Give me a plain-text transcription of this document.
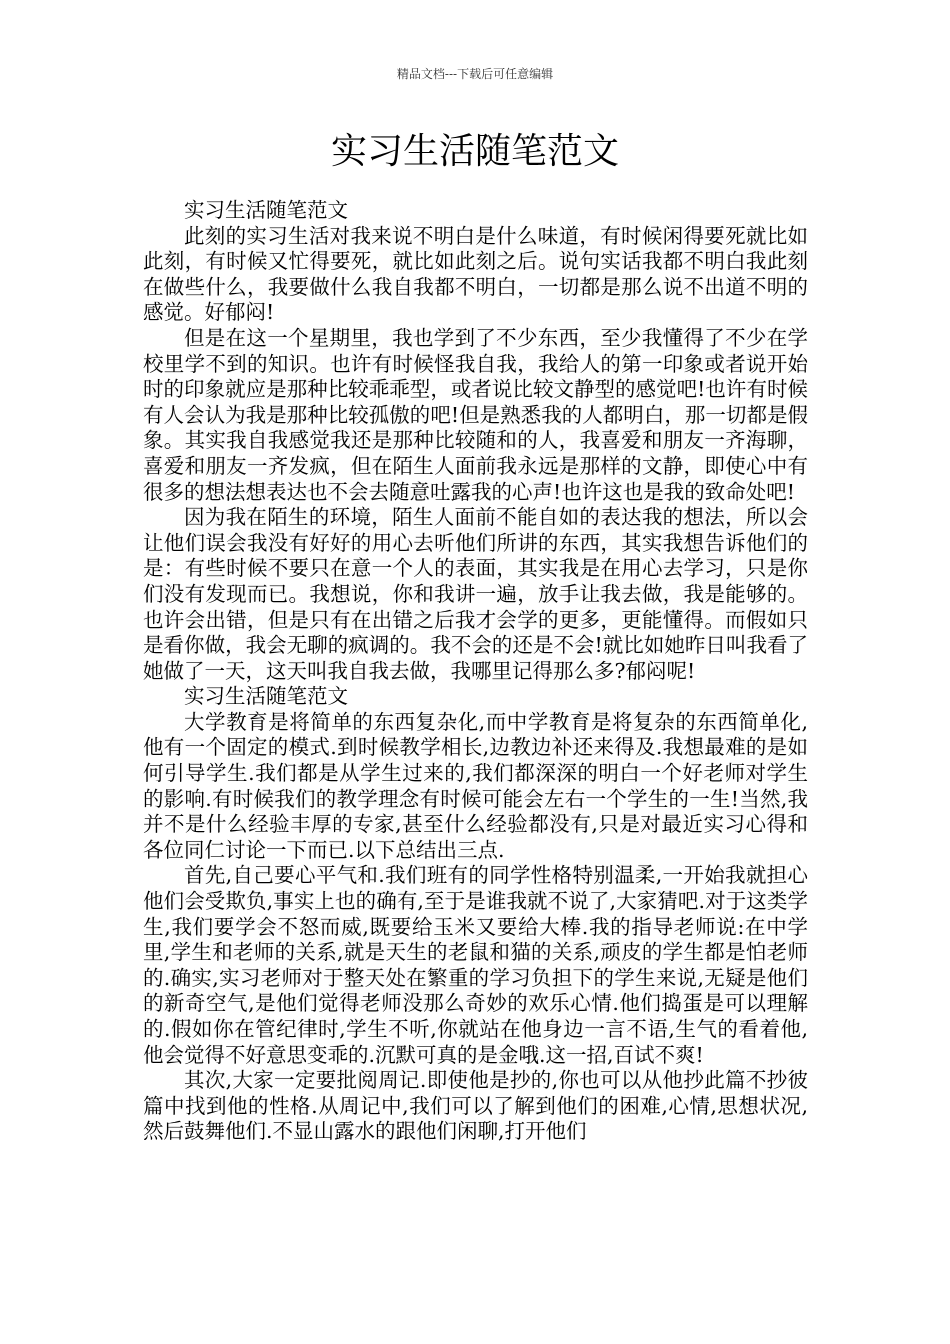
精品文档---下载后可任意编辑
实习生活随笔范文

实习生活随笔范文

此刻的实习生活对我来说不明白是什么味道，有时候闲得要死就比如此刻，有时候又忙得要死，就比如此刻之后。说句实话我都不明白我此刻在做些什么，我要做什么我自我都不明白，一切都是那么说不出道不明的感觉。好郁闷!

但是在这一个星期里，我也学到了不少东西，至少我懂得了不少在学校里学不到的知识。也许有时候怪我自我，我给人的第一印象或者说开始时的印象就应是那种比较乖乖型，或者说比较文静型的感觉吧!也许有时候有人会认为我是那种比较孤傲的吧!但是熟悉我的人都明白，那一切都是假象。其实我自我感觉我还是那种比较随和的人，我喜爱和朋友一齐海聊，喜爱和朋友一齐发疯，但在陌生人面前我永远是那样的文静，即使心中有很多的想法想表达也不会去随意吐露我的心声!也许这也是我的致命处吧!

因为我在陌生的环境，陌生人面前不能自如的表达我的想法，所以会让他们误会我没有好好的用心去听他们所讲的东西，其实我想告诉他们的是：有些时候不要只在意一个人的表面，其实我是在用心去学习，只是你们没有发现而已。我想说，你和我讲一遍，放手让我去做，我是能够的。也许会出错，但是只有在出错之后我才会学的更多，更能懂得。而假如只是看你做，我会无聊的疯调的。我不会的还是不会!就比如她昨日叫我看了她做了一天，这天叫我自我去做，我哪里记得那么多?郁闷呢!

实习生活随笔范文

大学教育是将简单的东西复杂化,而中学教育是将复杂的东西简单化,他有一个固定的模式.到时候教学相长,边教边补还来得及.我想最难的是如何引导学生.我们都是从学生过来的,我们都深深的明白一个好老师对学生的影响.有时候我们的教学理念有时候可能会左右一个学生的一生!当然,我并不是什么经验丰厚的专家,甚至什么经验都没有,只是对最近实习心得和各位同仁讨论一下而已.以下总结出三点.

首先,自己要心平气和.我们班有的同学性格特别温柔,一开始我就担心他们会受欺负,事实上也的确有,至于是谁我就不说了,大家猜吧.对于这类学生,我们要学会不怒而威,既要给玉米又要给大棒.我的指导老师说:在中学里,学生和老师的关系,就是天生的老鼠和猫的关系,顽皮的学生都是怕老师的.确实,实习老师对于整天处在繁重的学习负担下的学生来说,无疑是他们的新奇空气,是他们觉得老师没那么奇妙的欢乐心情.他们捣蛋是可以理解的.假如你在管纪律时,学生不听,你就站在他身边一言不语,生气的看着他,他会觉得不好意思变乖的.沉默可真的是金哦.这一招,百试不爽!

其次,大家一定要批阅周记.即使他是抄的,你也可以从他抄此篇不抄彼篇中找到他的性格.从周记中,我们可以了解到他们的困难,心情,思想状况,然后鼓舞他们.不显山露水的跟他们闲聊,打开他们
